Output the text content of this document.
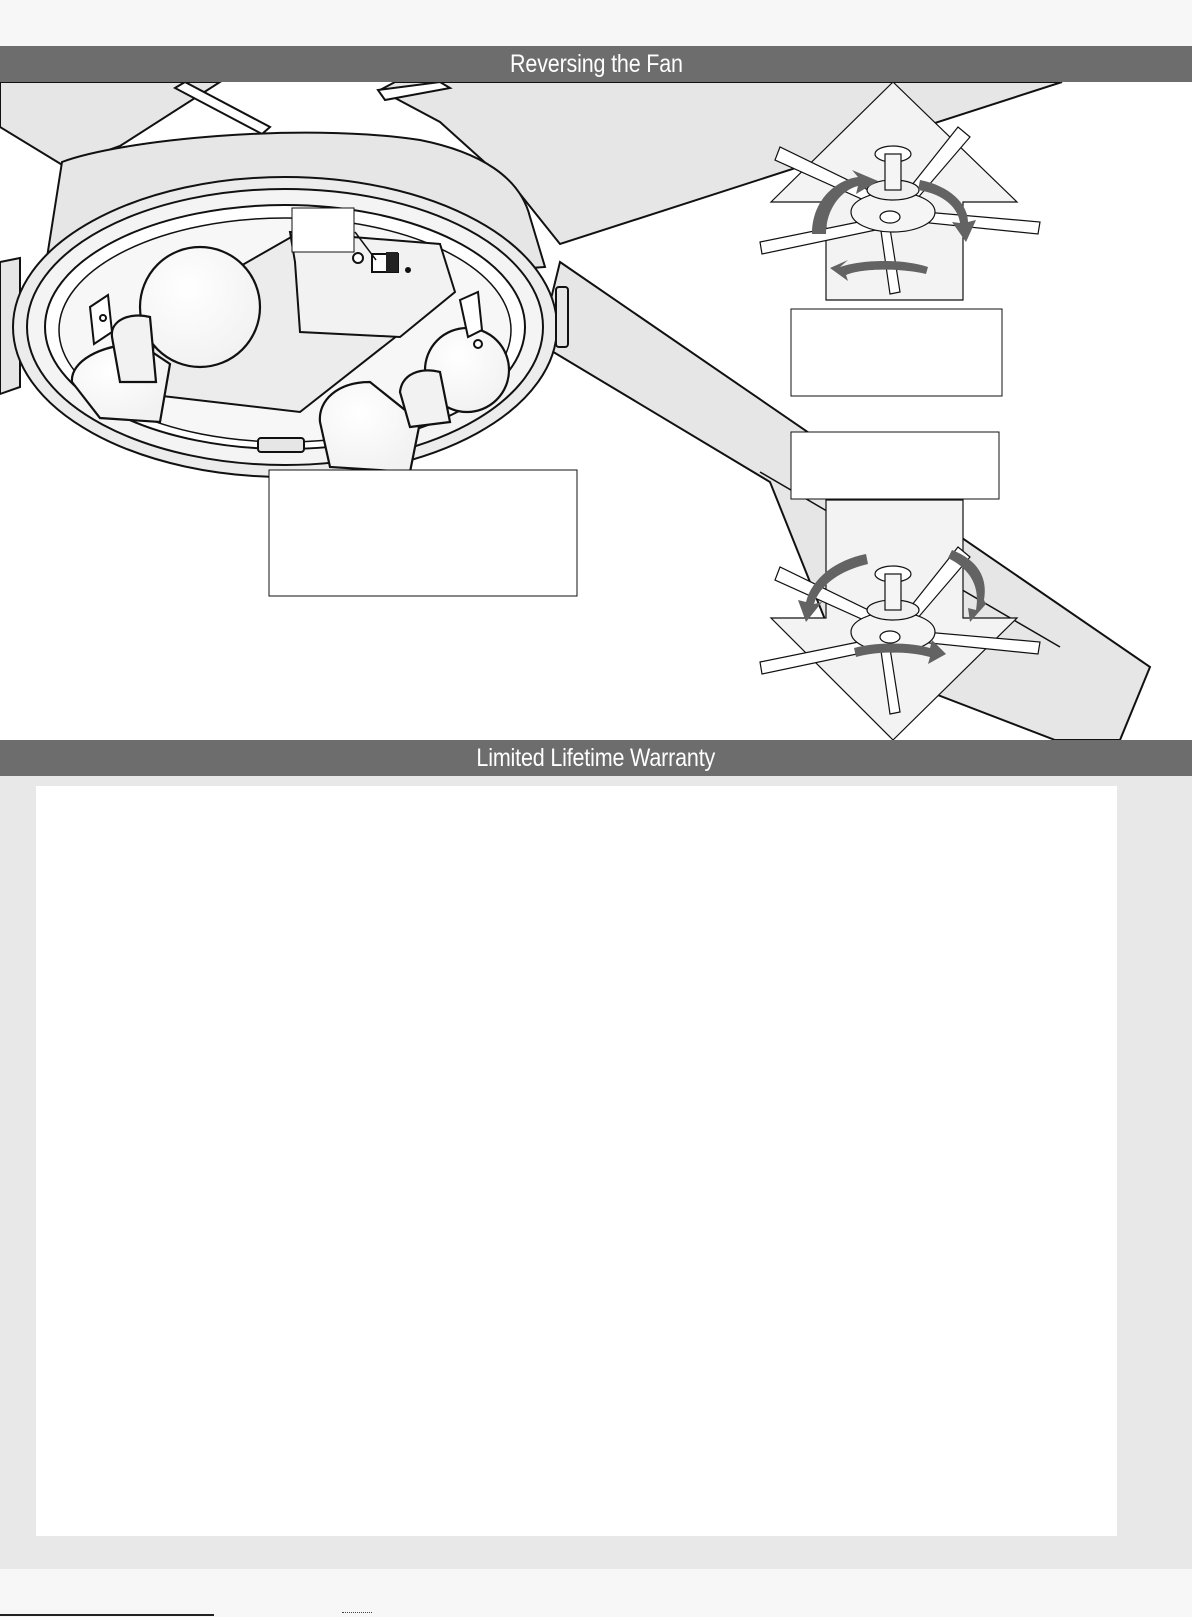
Reversing the Fan
Limited Lifetime Warranty
